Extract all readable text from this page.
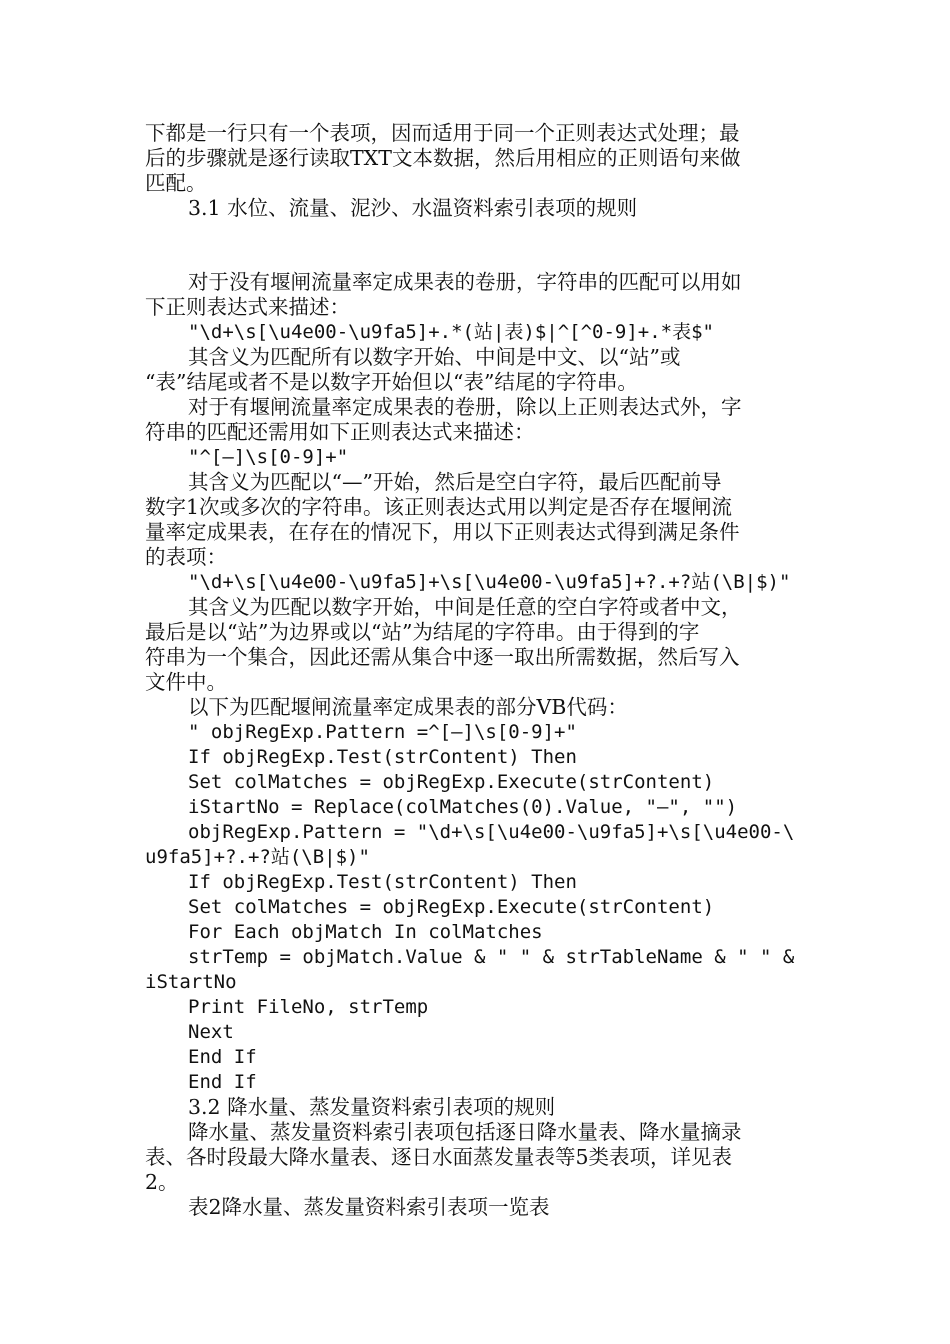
下都是一行只有一个表项，因而适用于同一个正则表达式处理；最
后的步骤就是逐行读取TXT文本数据，然后用相应的正则语句来做
匹配。
3.1 水位、流量、泥沙、水温资料索引表项的规则
对于没有堰闸流量率定成果表的卷册，字符串的匹配可以用如
下正则表达式来描述：
"\d+\s[\u4e00-\u9fa5]+.*(站|表)$|^[^0-9]+.*表$"
其含义为匹配所有以数字开始、中间是中文、以“站”或
“表”结尾或者不是以数字开始但以“表”结尾的字符串。
对于有堰闸流量率定成果表的卷册，除以上正则表达式外，字
符串的匹配还需用如下正则表达式来描述：
"^[—]\s[0-9]+"
其含义为匹配以“—”开始，然后是空白字符，最后匹配前导
数字1次或多次的字符串。该正则表达式用以判定是否存在堰闸流
量率定成果表，在存在的情况下，用以下正则表达式得到满足条件
的表项：
"\d+\s[\u4e00-\u9fa5]+\s[\u4e00-\u9fa5]+?.+?站(\B|$)"
其含义为匹配以数字开始，中间是任意的空白字符或者中文，
最后是以“站”为边界或以“站”为结尾的字符串。由于得到的字
符串为一个集合，因此还需从集合中逐一取出所需数据，然后写入
文件中。
以下为匹配堰闸流量率定成果表的部分VB代码：
" objRegExp.Pattern =^[—]\s[0-9]+"
If objRegExp.Test(strContent) Then
Set colMatches = objRegExp.Execute(strContent)
iStartNo = Replace(colMatches(0).Value, "—", "")
objRegExp.Pattern = "\d+\s[\u4e00-\u9fa5]+\s[\u4e00-\
u9fa5]+?.+?站(\B|$)"
If objRegExp.Test(strContent) Then
Set colMatches = objRegExp.Execute(strContent)
For Each objMatch In colMatches
strTemp = objMatch.Value & " " & strTableName & " " &
iStartNo
Print FileNo, strTemp
Next
End If
End If
3.2 降水量、蒸发量资料索引表项的规则
降水量、蒸发量资料索引表项包括逐日降水量表、降水量摘录
表、各时段最大降水量表、逐日水面蒸发量表等5类表项，详见表
2。
表2降水量、蒸发量资料索引表项一览表
